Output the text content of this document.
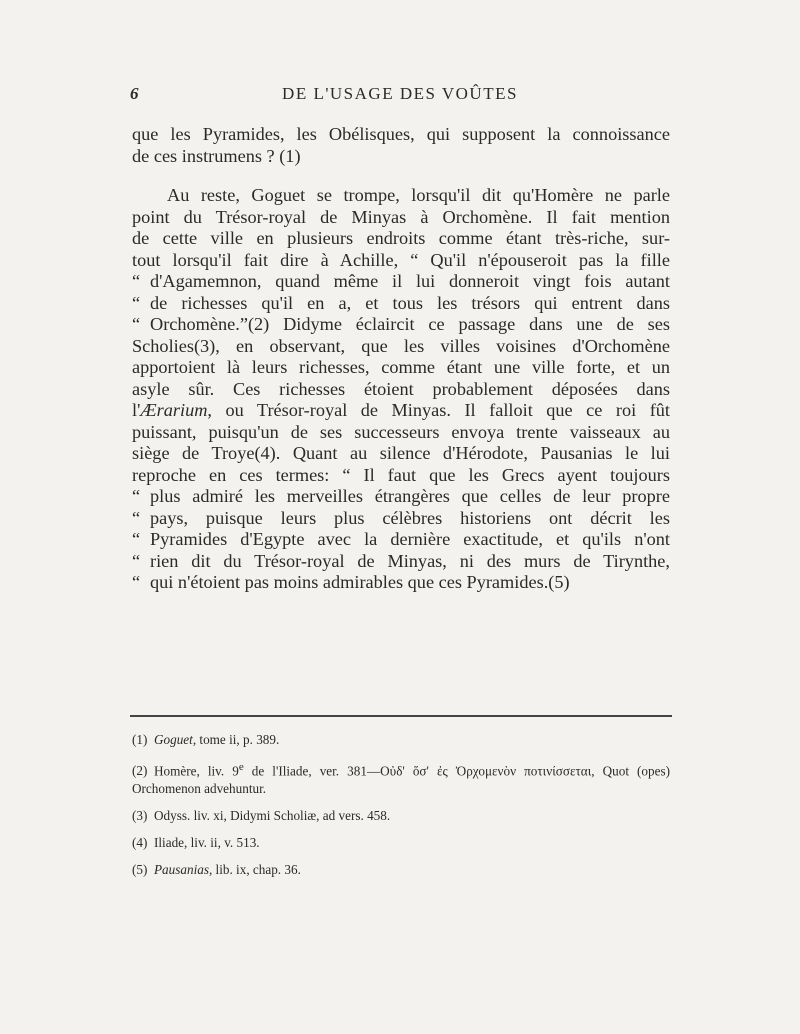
6	DE L'USAGE DES VOÛTES

que les Pyramides, les Obélisques, qui supposent la connoissance

de ces instrumens ? (1)

Au reste, Goguet se trompe, lorsqu'il dit qu'Homère ne parle

point du Trésor-royal de Minyas à Orchomène. Il fait mention

de cette ville en plusieurs endroits comme étant très-riche, sur-

tout lorsqu'il fait dire à Achille, “ Qu'il n'épouseroit pas la fille

“ d'Agamemnon, quand même il lui donneroit vingt fois autant

“ de richesses qu'il en a, et tous les trésors qui entrent dans

“ Orchomène.”(2) Didyme éclaircit ce passage dans une de ses

Scholies(3), en observant, que les villes voisines d'Orchomène

apportoient là leurs richesses, comme étant une ville forte, et un

asyle sûr. Ces richesses étoient probablement déposées dans

l'Ærarium, ou Trésor-royal de Minyas. Il falloit que ce roi fût

puissant, puisqu'un de ses successeurs envoya trente vaisseaux au

siège de Troye(4). Quant au silence d'Hérodote, Pausanias le lui

reproche en ces termes: “ Il faut que les Grecs ayent toujours

“ plus admiré les merveilles étrangères que celles de leur propre

“ pays, puisque leurs plus célèbres historiens ont décrit les

“ Pyramides d'Egypte avec la dernière exactitude, et qu'ils n'ont

“ rien dit du Trésor-royal de Minyas, ni des murs de Tirynthe,

“ qui n'étoient pas moins admirables que ces Pyramides.(5)

(1) Goguet, tome ii, p. 389.

(2) Homère, liv. 9e de l'Iliade, ver. 381—Οὐδ' ὅσ' ἐς Ὀρχομενὸν ποτινίσσεται, Quot (opes)

Orchomenon advehuntur.

(3) Odyss. liv. xi, Didymi Scholiæ, ad vers. 458.

(4) Iliade, liv. ii, v. 513.

(5) Pausanias, lib. ix, chap. 36.
